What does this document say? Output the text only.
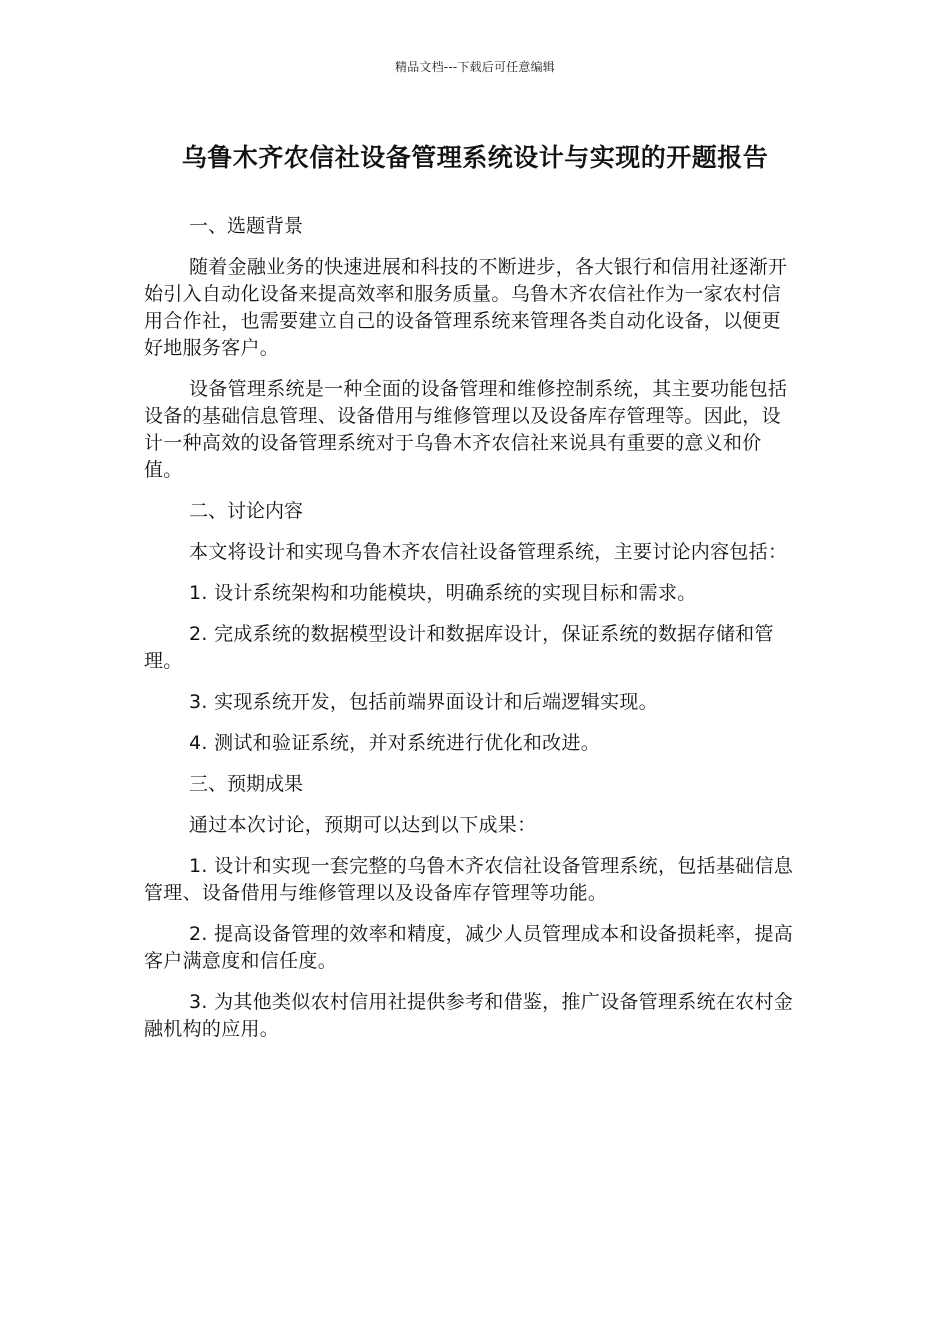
精品文档---下载后可任意编辑
乌鲁木齐农信社设备管理系统设计与实现的开题报告

一、选题背景

随着金融业务的快速进展和科技的不断进步，各大银行和信用社逐渐开始引入自动化设备来提高效率和服务质量。乌鲁木齐农信社作为一家农村信用合作社，也需要建立自己的设备管理系统来管理各类自动化设备，以便更好地服务客户。

设备管理系统是一种全面的设备管理和维修控制系统，其主要功能包括设备的基础信息管理、设备借用与维修管理以及设备库存管理等。因此，设计一种高效的设备管理系统对于乌鲁木齐农信社来说具有重要的意义和价值。

二、讨论内容

本文将设计和实现乌鲁木齐农信社设备管理系统，主要讨论内容包括：

1. 设计系统架构和功能模块，明确系统的实现目标和需求。

2. 完成系统的数据模型设计和数据库设计，保证系统的数据存储和管理。

3. 实现系统开发，包括前端界面设计和后端逻辑实现。

4. 测试和验证系统，并对系统进行优化和改进。

三、预期成果

通过本次讨论，预期可以达到以下成果：

1. 设计和实现一套完整的乌鲁木齐农信社设备管理系统，包括基础信息管理、设备借用与维修管理以及设备库存管理等功能。

2. 提高设备管理的效率和精度，减少人员管理成本和设备损耗率，提高客户满意度和信任度。

3. 为其他类似农村信用社提供参考和借鉴，推广设备管理系统在农村金融机构的应用。
